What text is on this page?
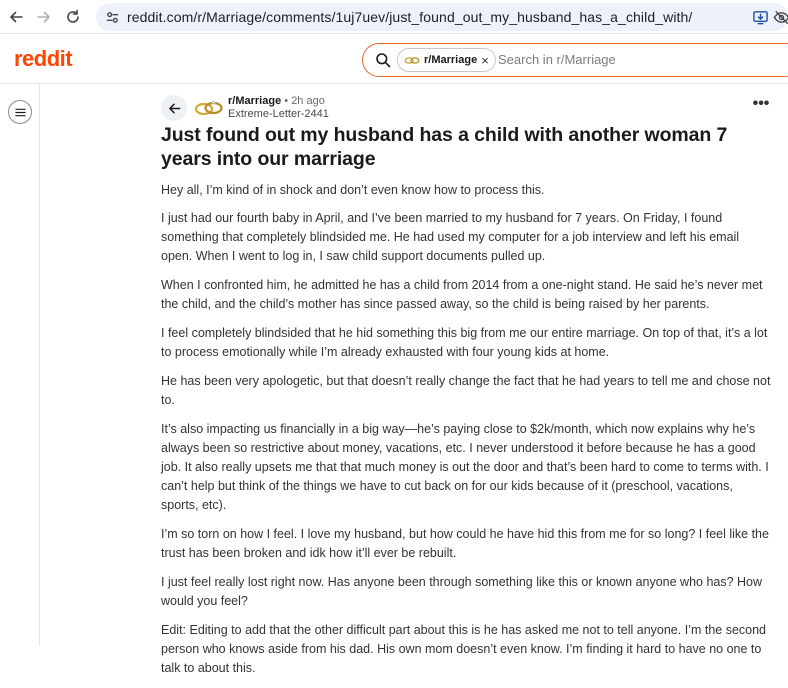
reddit.com/r/Marriage/comments/1uj7uev/just_found_out_my_husband_has_a_child_with/
reddit	r/Marriage × Search in r/Marriage
r/Marriage • 2h ago
Extreme-Letter-2441
•••
Just found out my husband has a child with another woman 7 years into our marriage

Hey all, I’m kind of in shock and don’t even know how to process this.

I just had our fourth baby in April, and I’ve been married to my husband for 7 years. On Friday, I found something that completely blindsided me. He had used my computer for a job interview and left his email open. When I went to log in, I saw child support documents pulled up.

When I confronted him, he admitted he has a child from 2014 from a one-night stand. He said he’s never met the child, and the child’s mother has since passed away, so the child is being raised by her parents.

I feel completely blindsided that he hid something this big from me our entire marriage. On top of that, it’s a lot to process emotionally while I’m already exhausted with four young kids at home.

He has been very apologetic, but that doesn’t really change the fact that he had years to tell me and chose not to.

It’s also impacting us financially in a big way—he’s paying close to $2k/month, which now explains why he’s always been so restrictive about money, vacations, etc. I never understood it before because he has a good job. It also really upsets me that that much money is out the door and that’s been hard to come to terms with. I can’t help but think of the things we have to cut back on for our kids because of it (preschool, vacations, sports, etc).

I’m so torn on how I feel. I love my husband, but how could he have hid this from me for so long? I feel like the trust has been broken and idk how it’ll ever be rebuilt.

I just feel really lost right now. Has anyone been through something like this or known anyone who has? How would you feel?

Edit: Editing to add that the other difficult part about this is he has asked me not to tell anyone. I’m the second person who knows aside from his dad. His own mom doesn’t even know. I’m finding it hard to have no one to talk to about this.
